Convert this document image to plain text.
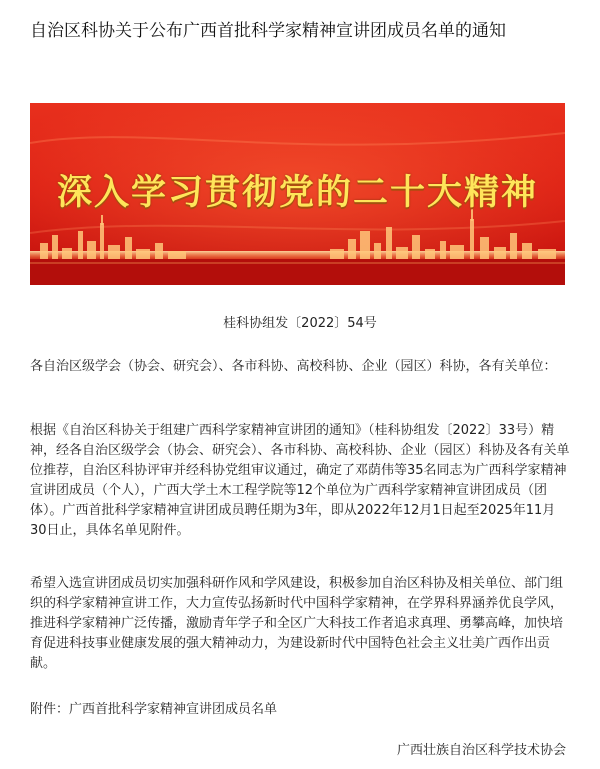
自治区科协关于公布广西首批科学家精神宣讲团成员名单的通知
深入学习贯彻党的二十大精神
桂科协组发〔2022〕54号

各自治区级学会（协会、研究会）、各市科协、高校科协、企业（园区）科协，各有关单位：

根据《自治区科协关于组建广西科学家精神宣讲团的通知》（桂科协组发〔2022〕33号）精神，经各自治区级学会（协会、研究会）、各市科协、高校科协、企业（园区）科协及各有关单位推荐，自治区科协评审并经科协党组审议通过，确定了邓荫伟等35名同志为广西科学家精神宣讲团成员（个人），广西大学土木工程学院等12个单位为广西科学家精神宣讲团成员（团体）。广西首批科学家精神宣讲团成员聘任期为3年，即从2022年12月1日起至2025年11月30日止，具体名单见附件。

希望入选宣讲团成员切实加强科研作风和学风建设，积极参加自治区科协及相关单位、部门组织的科学家精神宣讲工作，大力宣传弘扬新时代中国科学家精神，在学界科界涵养优良学风，推进科学家精神广泛传播，激励青年学子和全区广大科技工作者追求真理、勇攀高峰，加快培育促进科技事业健康发展的强大精神动力，为建设新时代中国特色社会主义壮美广西作出贡献。

附件：广西首批科学家精神宣讲团成员名单

广西壮族自治区科学技术协会
